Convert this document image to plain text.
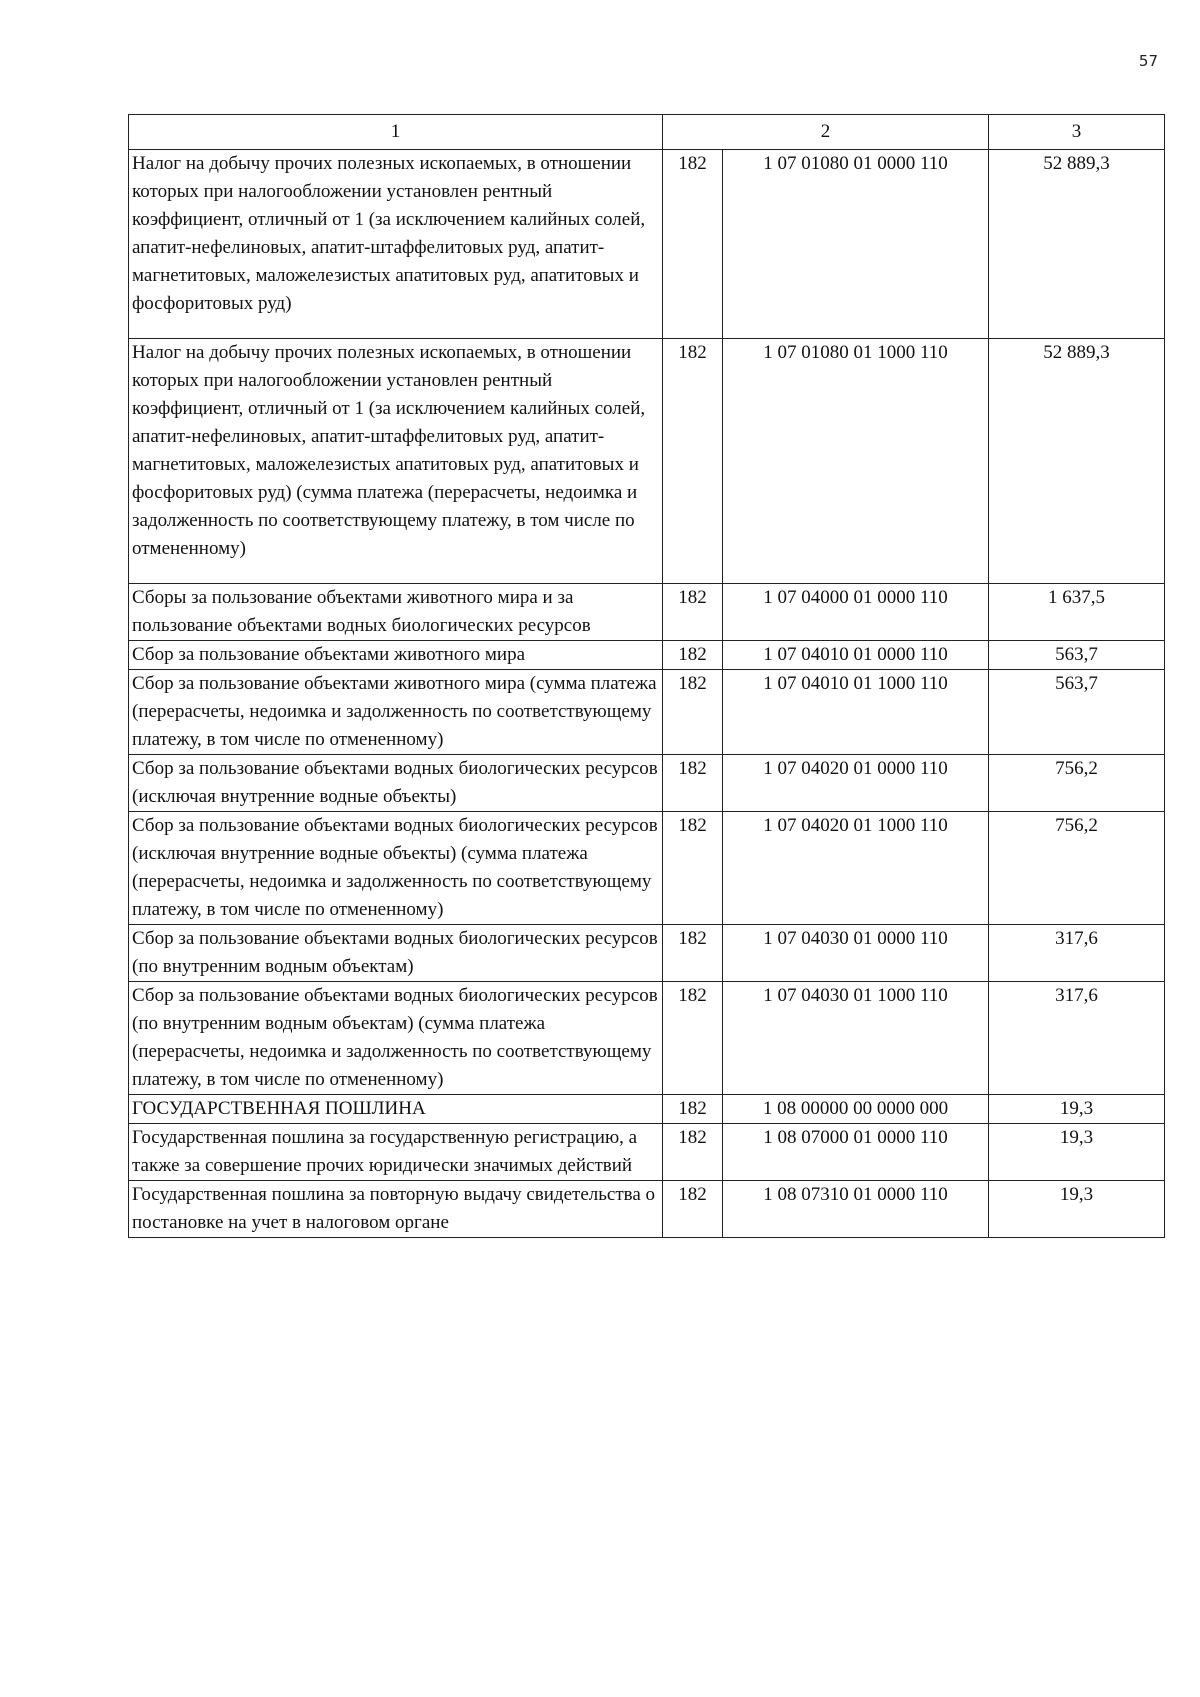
57
1	2		3
Налог на добычу прочих полезных ископаемых, в отношении которых при налогообложении установлен рентный коэффициент, отличный от 1 (за исключением калийных солей, апатит-нефелиновых, апатит-штаффелитовых руд, апатит-магнетитовых, маложелезистых апатитовых руд, апатитовых и фосфоритовых руд)	182	1 07 01080 01 0000 110	52 889,3
Налог на добычу прочих полезных ископаемых, в отношении которых при налогообложении установлен рентный коэффициент, отличный от 1 (за исключением калийных солей, апатит-нефелиновых, апатит-штаффелитовых руд, апатит-магнетитовых, маложелезистых апатитовых руд, апатитовых и фосфоритовых руд) (сумма платежа (перерасчеты, недоимка и задолженность по соответствующему платежу, в том числе по отмененному)	182	1 07 01080 01 1000 110	52 889,3
Сборы за пользование объектами животного мира и за пользование объектами водных биологических ресурсов	182	1 07 04000 01 0000 110	1 637,5
Сбор за пользование объектами животного мира	182	1 07 04010 01 0000 110	563,7
Сбор за пользование объектами животного мира (сумма платежа (перерасчеты, недоимка и задолженность по соответствующему платежу, в том числе по отмененному)	182	1 07 04010 01 1000 110	563,7
Сбор за пользование объектами водных биологических ресурсов (исключая внутренние водные объекты)	182	1 07 04020 01 0000 110	756,2
Сбор за пользование объектами водных биологических ресурсов (исключая внутренние водные объекты) (сумма платежа (перерасчеты, недоимка и задолженность по соответствующему платежу, в том числе по отмененному)	182	1 07 04020 01 1000 110	756,2
Сбор за пользование объектами водных биологических ресурсов (по внутренним водным объектам)	182	1 07 04030 01 0000 110	317,6
Сбор за пользование объектами водных биологических ресурсов (по внутренним водным объектам) (сумма платежа (перерасчеты, недоимка и задолженность по соответствующему платежу, в том числе по отмененному)	182	1 07 04030 01 1000 110	317,6
ГОСУДАРСТВЕННАЯ ПОШЛИНА	182	1 08 00000 00 0000 000	19,3
Государственная пошлина за государственную регистрацию, а также за совершение прочих юридически значимых действий	182	1 08 07000 01 0000 110	19,3
Государственная пошлина за повторную выдачу свидетельства о постановке на учет в налоговом органе	182	1 08 07310 01 0000 110	19,3
